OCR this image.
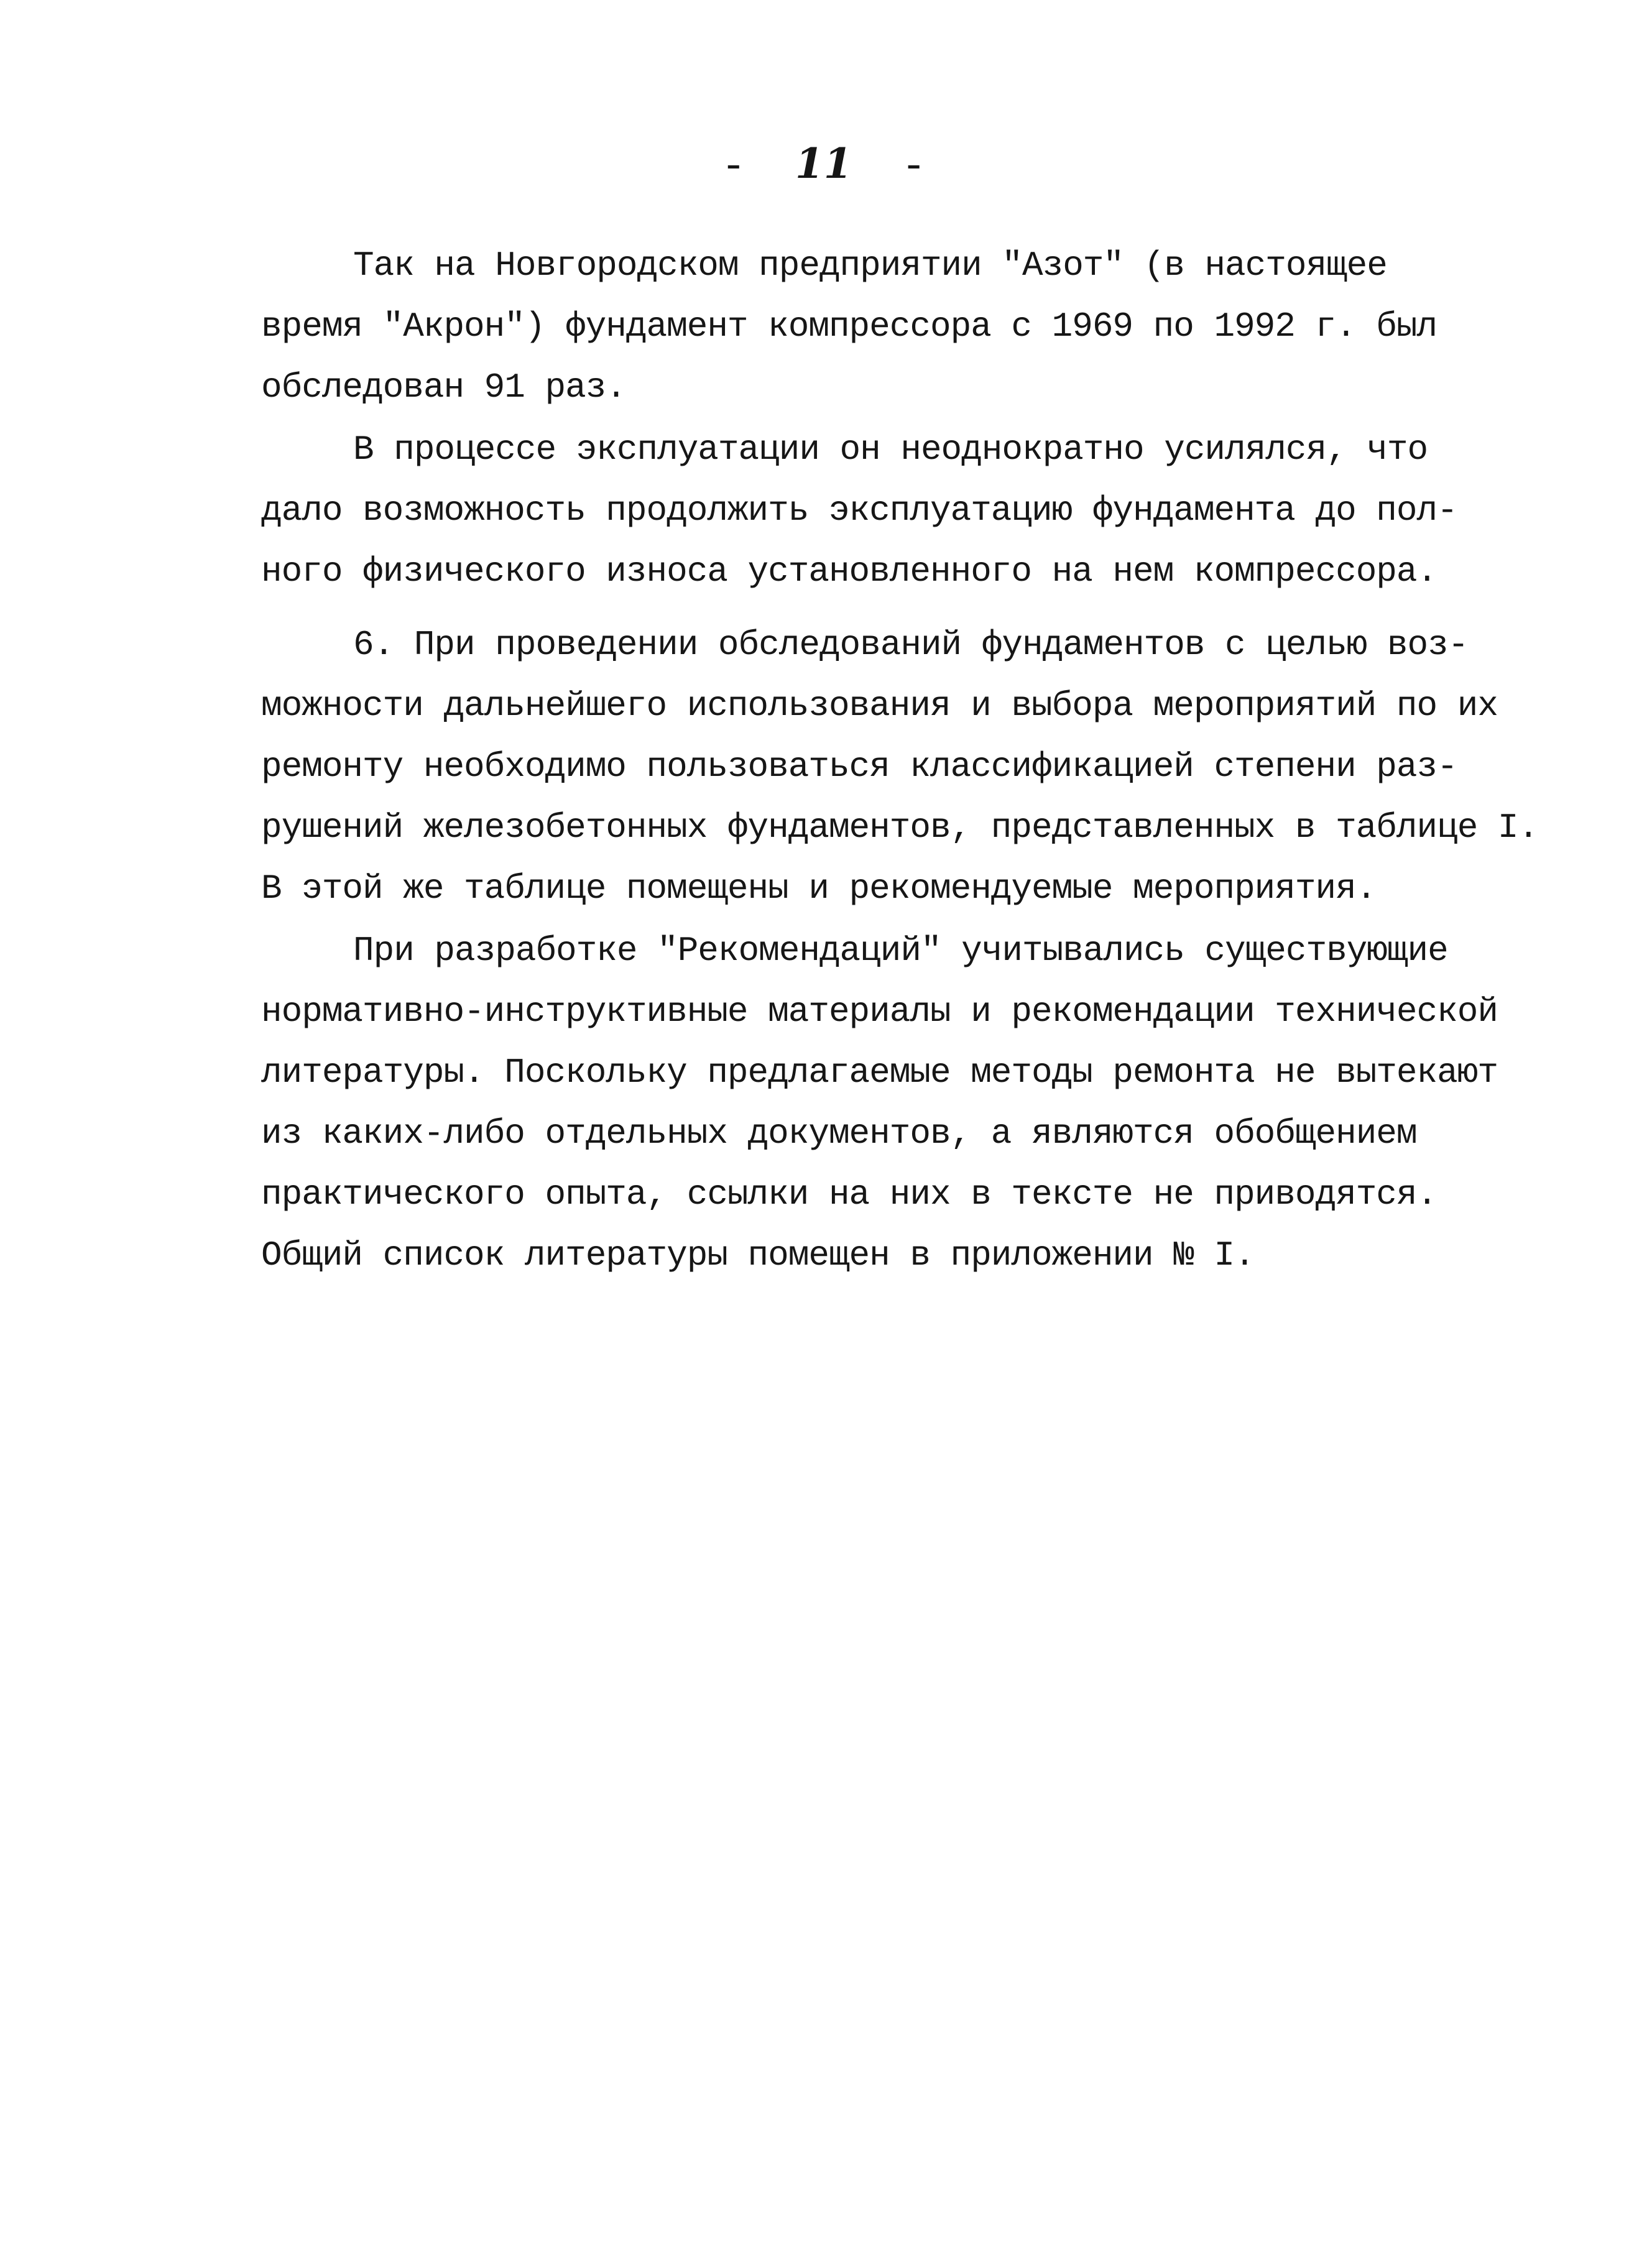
- 11 -
Так на Новгородском предприятии "Азот" (в настоящее
время "Акрон") фундамент компрессора с 1969 по 1992 г. был
обследован 91 раз.
В процессе эксплуатации он неоднократно усилялся, что
дало возможность продолжить эксплуатацию фундамента до пол-
ного физического износа установленного на нем компрессора.
6. При проведении обследований фундаментов с целью воз-
можности дальнейшего использования и выбора мероприятий по их
ремонту необходимо пользоваться классификацией степени раз-
рушений железобетонных фундаментов, представленных в таблице I.
В этой же таблице помещены и рекомендуемые мероприятия.
При разработке "Рекомендаций" учитывались существующие
нормативно-инструктивные материалы и рекомендации технической
литературы. Поскольку предлагаемые методы ремонта не вытекают
из каких-либо отдельных документов, а являются обобщением
практического опыта, ссылки на них в тексте не приводятся.
Общий список литературы помещен в приложении № I.
